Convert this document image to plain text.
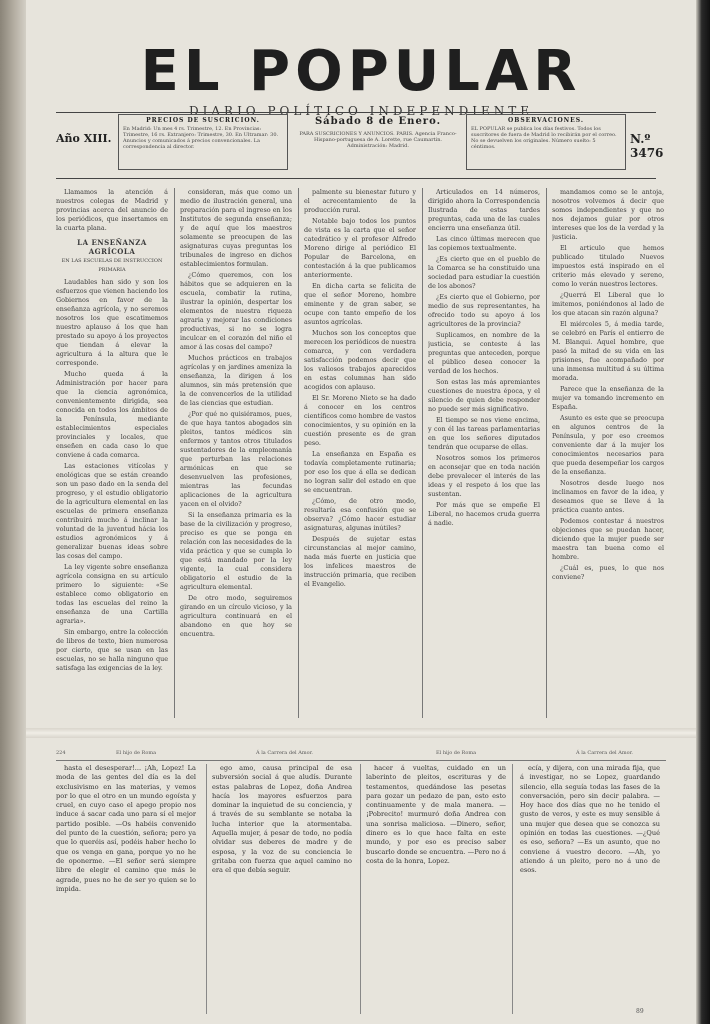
EL POPULAR
DIARIO POLÍTICO INDEPENDIENTE
Año XIII.
PRECIOS DE SUSCRICION.
En Madrid: Un mes 4 rs. Trimestre, 12. En Provincias: Trimestre, 16 rs. Extranjero: Trimestre, 30. En Ultramar: 30. Anuncios y comunicados á precios convencionales. La correspondencia al director.
Sábado 8 de Enero.
PARA SUSCRICIONES Y ANUNCIOS. PARIS. Agencia Franco-Hispano-portuguesa de A. Lorette, rue Caumartin. Administración: Madrid.
OBSERVACIONES.
EL POPULAR se publica los días festivos. Todos los suscritores de fuera de Madrid lo recibirán por el correo. No se devuelven los originales. Número suelto: 5 céntimos.
N.º 3476

Llamamos la atención á nuestros colegas de Madrid y provincias acerca del anuncio de los periódicos, que insertamos en la cuarta plana.

LA ENSEÑANZA AGRÍCOLA
EN LAS ESCUELAS DE INSTRUCCION PRIMARIA

Laudables han sido y son los esfuerzos que vienen haciendo los Gobiernos en favor de la enseñanza agrícola, y no seremos nosotros los que escatimemos nuestro aplauso á los que han prestado su apoyo á los proyectos que tiendan á elevar la agricultura á la altura que le corresponde.

Mucho queda á la Administración por hacer para que la ciencia agronómica, convenientemente dirigida, sea conocida en todos los ámbitos de la Península, mediante establecimientos especiales provinciales y locales, que enseñen en cada caso lo que conviene á cada comarca.

Las estaciones vitícolas y enológicas que se están creando son un paso dado en la senda del progreso, y el estudio obligatorio de la agricultura elemental en las escuelas de primera enseñanza contribuirá mucho á inclinar la voluntad de la juventud hácia los estudios agronómicos y á generalizar buenas ideas sobre las cosas del campo.

La ley vigente sobre enseñanza agrícola consigna en su artículo primero lo siguiente: «Se establece como obligatorio en todas las escuelas del reino la enseñanza de una Cartilla agraria».

Sin embargo, entre la colección de libros de texto, bien numerosa por cierto, que se usan en las escuelas, no se halla ninguno que satisfaga las exigencias de la ley.

consideran, más que como un medio de ilustración general, una preparación para el ingreso en los Institutos de segunda enseñanza; y de aquí que los maestros solamente se preocupen de las asignaturas cuyas preguntas los tribunales de ingreso en dichos establecimientos formulan.

¿Cómo queremos, con los hábitos que se adquieren en la escuela, combatir la rutina, ilustrar la opinión, despertar los elementos de nuestra riqueza agraria y mejorar las condiciones productivas, si no se logra inculcar en el corazón del niño el amor á las cosas del campo?

Muchos prácticos en trabajos agrícolas y en jardines ameniza la enseñanza, la dirigen á los alumnos, sin más pretensión que la de convencerlos de la utilidad de las ciencias que estudian.

¿Por qué no quisiéramos, pues, de que haya tantos abogados sin pleitos, tantos médicos sin enfermos y tantos otros titulados sustentadores de la empleomanía que perturban las relaciones armónicas en que se desenvuelven las profesiones, mientras las fecundas aplicaciones de la agricultura yacen en el olvido?

Si la enseñanza primaria es la base de la civilización y progreso, preciso es que se ponga en relación con las necesidades de la vida práctica y que se cumpla lo que está mandado por la ley vigente, la cual considera obligatorio el estudio de la agricultura elemental.

De otro modo, seguiremos girando en un círculo vicioso, y la agricultura continuará en el abandono en que hoy se encuentra.

palmente su bienestar futuro y el acrecentamiento de la producción rural.

Notable bajo todos los puntos de vista es la carta que el señor catedrático y el profesor Alfredo Moreno dirige al periódico El Popular de Barcelona, en contestación á la que publicamos anteriormente.

En dicha carta se felicita de que el señor Moreno, hombre eminente y de gran saber, se ocupe con tanto empeño de los asuntos agrícolas.

Muchos son los conceptos que merecen los periódicos de nuestra comarca, y con verdadera satisfacción podemos decir que los valiosos trabajos aparecidos en estas columnas han sido acogidos con aplauso.

El Sr. Moreno Nieto se ha dado á conocer en los centros científicos como hombre de vastos conocimientos, y su opinión en la cuestión presente es de gran peso.

La enseñanza en España es todavía completamente rutinaria; por eso los que á ella se dedican no logran salir del estado en que se encuentran.

¿Cómo, de otro modo, resultaría esa confusión que se observa? ¿Cómo hacer estudiar asignaturas, algunas inútiles?

Después de sujetar estas circunstancias al mejor camino, nada más fuerte en justicia que los infelices maestros de instrucción primaria, que reciben el Evangelio.

Articulados en 14 números, dirigido ahora la Correspondencia Ilustrada de estas tardes preguntas, cada una de las cuales encierra una enseñanza útil.

Las cinco últimas merecen que las copiemos textualmente.

¿Es cierto que en el pueblo de la Comarca se ha constituido una sociedad para estudiar la cuestión de los abonos?

¿Es cierto que el Gobierno, por medio de sus representantes, ha ofrecido todo su apoyo á los agricultores de la provincia?

Suplicamos, en nombre de la justicia, se conteste á las preguntas que anteceden, porque el público desea conocer la verdad de los hechos.

Son estas las más apremiantes cuestiones de nuestra época, y el silencio de quien debe responder no puede ser más significativo.

El tiempo se nos viene encima, y con él las tareas parlamentarias en que los señores diputados tendrán que ocuparse de ellas.

Nosotros somos los primeros en aconsejar que en toda nación debe prevalecer el interés de las ideas y el respeto á los que las sustentan.

Por más que se empeñe El Liberal, no hacemos cruda guerra á nadie.

mandamos como se le antoja, nosotros volvemos á decir que somos independientes y que no nos dejamos guiar por otros intereses que los de la verdad y la justicia.

El articulo que hemos publicado titulado Nuevos impuestos está inspirado en el criterio más elevado y sereno, como lo verán nuestros lectores.

¿Querrá El Liberal que lo imitemos, poniéndonos al lado de los que atacan sin razón alguna?

El miércoles 5, á media tarde, se celebró en París el entierro de M. Blanqui. Aquel hombre, que pasó la mitad de su vida en las prisiones, fue acompañado por una inmensa multitud á su última morada.

Parece que la enseñanza de la mujer va tomando incremento en España.

Asunto es este que se preocupa en algunos centros de la Península, y por eso creemos conveniente dar á la mujer los conocimientos necesarios para que pueda desempeñar los cargos de la enseñanza.

Nosotros desde luego nos inclinamos en favor de la idea, y deseamos que se lleve á la práctica cuanto antes.

Podemos contestar á nuestros objeciones que se puedan hacer, diciendo que la mujer puede ser maestra tan buena como el hombre.

¿Cuál es, pues, lo que nos conviene?

224	El hijo de Roma	Á la Carrera del Amor.	El hijo de Roma	Á la Carrera del Amor.

hasta el desesperar!... ¡Ah, Lopez! La moda de las gentes del día es la del exclusivismo en las materias, y vemos por lo que el otro en un mundo egoísta y cruel, en cuyo caso el apego propio nos induce á sacar cada uno para sí el mejor partido posible. —Os habéis convenido del punto de la cuestión, señora; pero ya que lo queréis así, podéis haber hecho lo que os venga en gana, porque yo no he de oponerme. —El señor será siempre libre de elegir el camino que más le agrade, pues no he de ser yo quien se lo impida.

ego amo, causa principal de esa subversión social á que aludís. Durante estas palabras de Lopez, doña Andrea hacía los mayores esfuerzos para dominar la inquietud de su conciencia, y á través de su semblante se notaba la lucha interior que la atormentaba. Aquella mujer, á pesar de todo, no podía olvidar sus deberes de madre y de esposa, y la voz de su conciencia le gritaba con fuerza que aquel camino no era el que debía seguir.

hacer á vueltas, cuidado en un laberinto de pleitos, escrituras y de testamentos, quedándose las pesetas para gozar un pedazo de pan, esto esto continuamente y de mala manera. —¡Pobrecito! murmuró doña Andrea con una sonrisa maliciosa. —Dinero, señor, dinero es lo que hace falta en este mundo, y por eso es preciso saber buscarlo donde se encuentra. —Pero no á costa de la honra, Lopez.

ecía, y dijera, con una mirada fija, que á investigar, no se Lopez, guardando silencio, ella seguía todas las fases de la conversación, pero sin decir palabra. —Hoy hace dos días que no he tenido el gusto de veros, y este es muy sensible á una mujer que desea que se conozca su opinión en todas las cuestiones. —¿Qué es eso, señora? —Es un asunto, que no conviene á vuestro decoro. —Ah, yo atiendo á un pleito, pero no á uno de esos.

89
